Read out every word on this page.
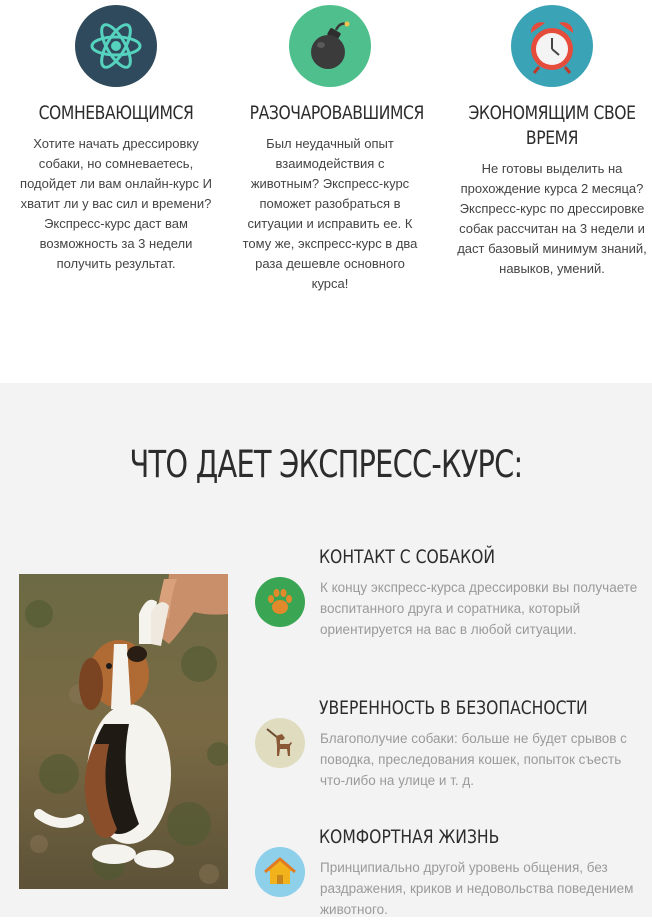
СОМНЕВАЮЩИМСЯ

Хотите начать дрессировку собаки, но сомневаетесь, подойдет ли вам онлайн-курс И хватит ли у вас сил и времени? Экспресс-курс даст вам возможность за 3 недели получить результат.

РАЗОЧАРОВАВШИМСЯ

Был неудачный опыт взаимодействия с животным? Экспресс-курс поможет разобраться в ситуации и исправить ее. К тому же, экспресс-курс в два раза дешевле основного курса!

ЭКОНОМЯЩИМ СВОЕ
ВРЕМЯ

Не готовы выделить на прохождение курса 2 месяца? Экспресс-курс по дрессировке собак рассчитан на 3 недели и даст базовый минимум знаний, навыков, умений.

ЧТО ДАЕТ ЭКСПРЕСС-КУРС:
КОНТАКТ С СОБАКОЙ

К концу экспресс-курса дрессировки вы получаете воспитанного друга и соратника, который ориентируется на вас в любой ситуации.

УВЕРЕННОСТЬ В БЕЗОПАСНОСТИ

Благополучие собаки: больше не будет срывов с поводка, преследования кошек, попыток съесть что-либо на улице и т. д.

КОМФОРТНАЯ ЖИЗНЬ

Принципиально другой уровень общения, без раздражения, криков и недовольства поведением животного.
